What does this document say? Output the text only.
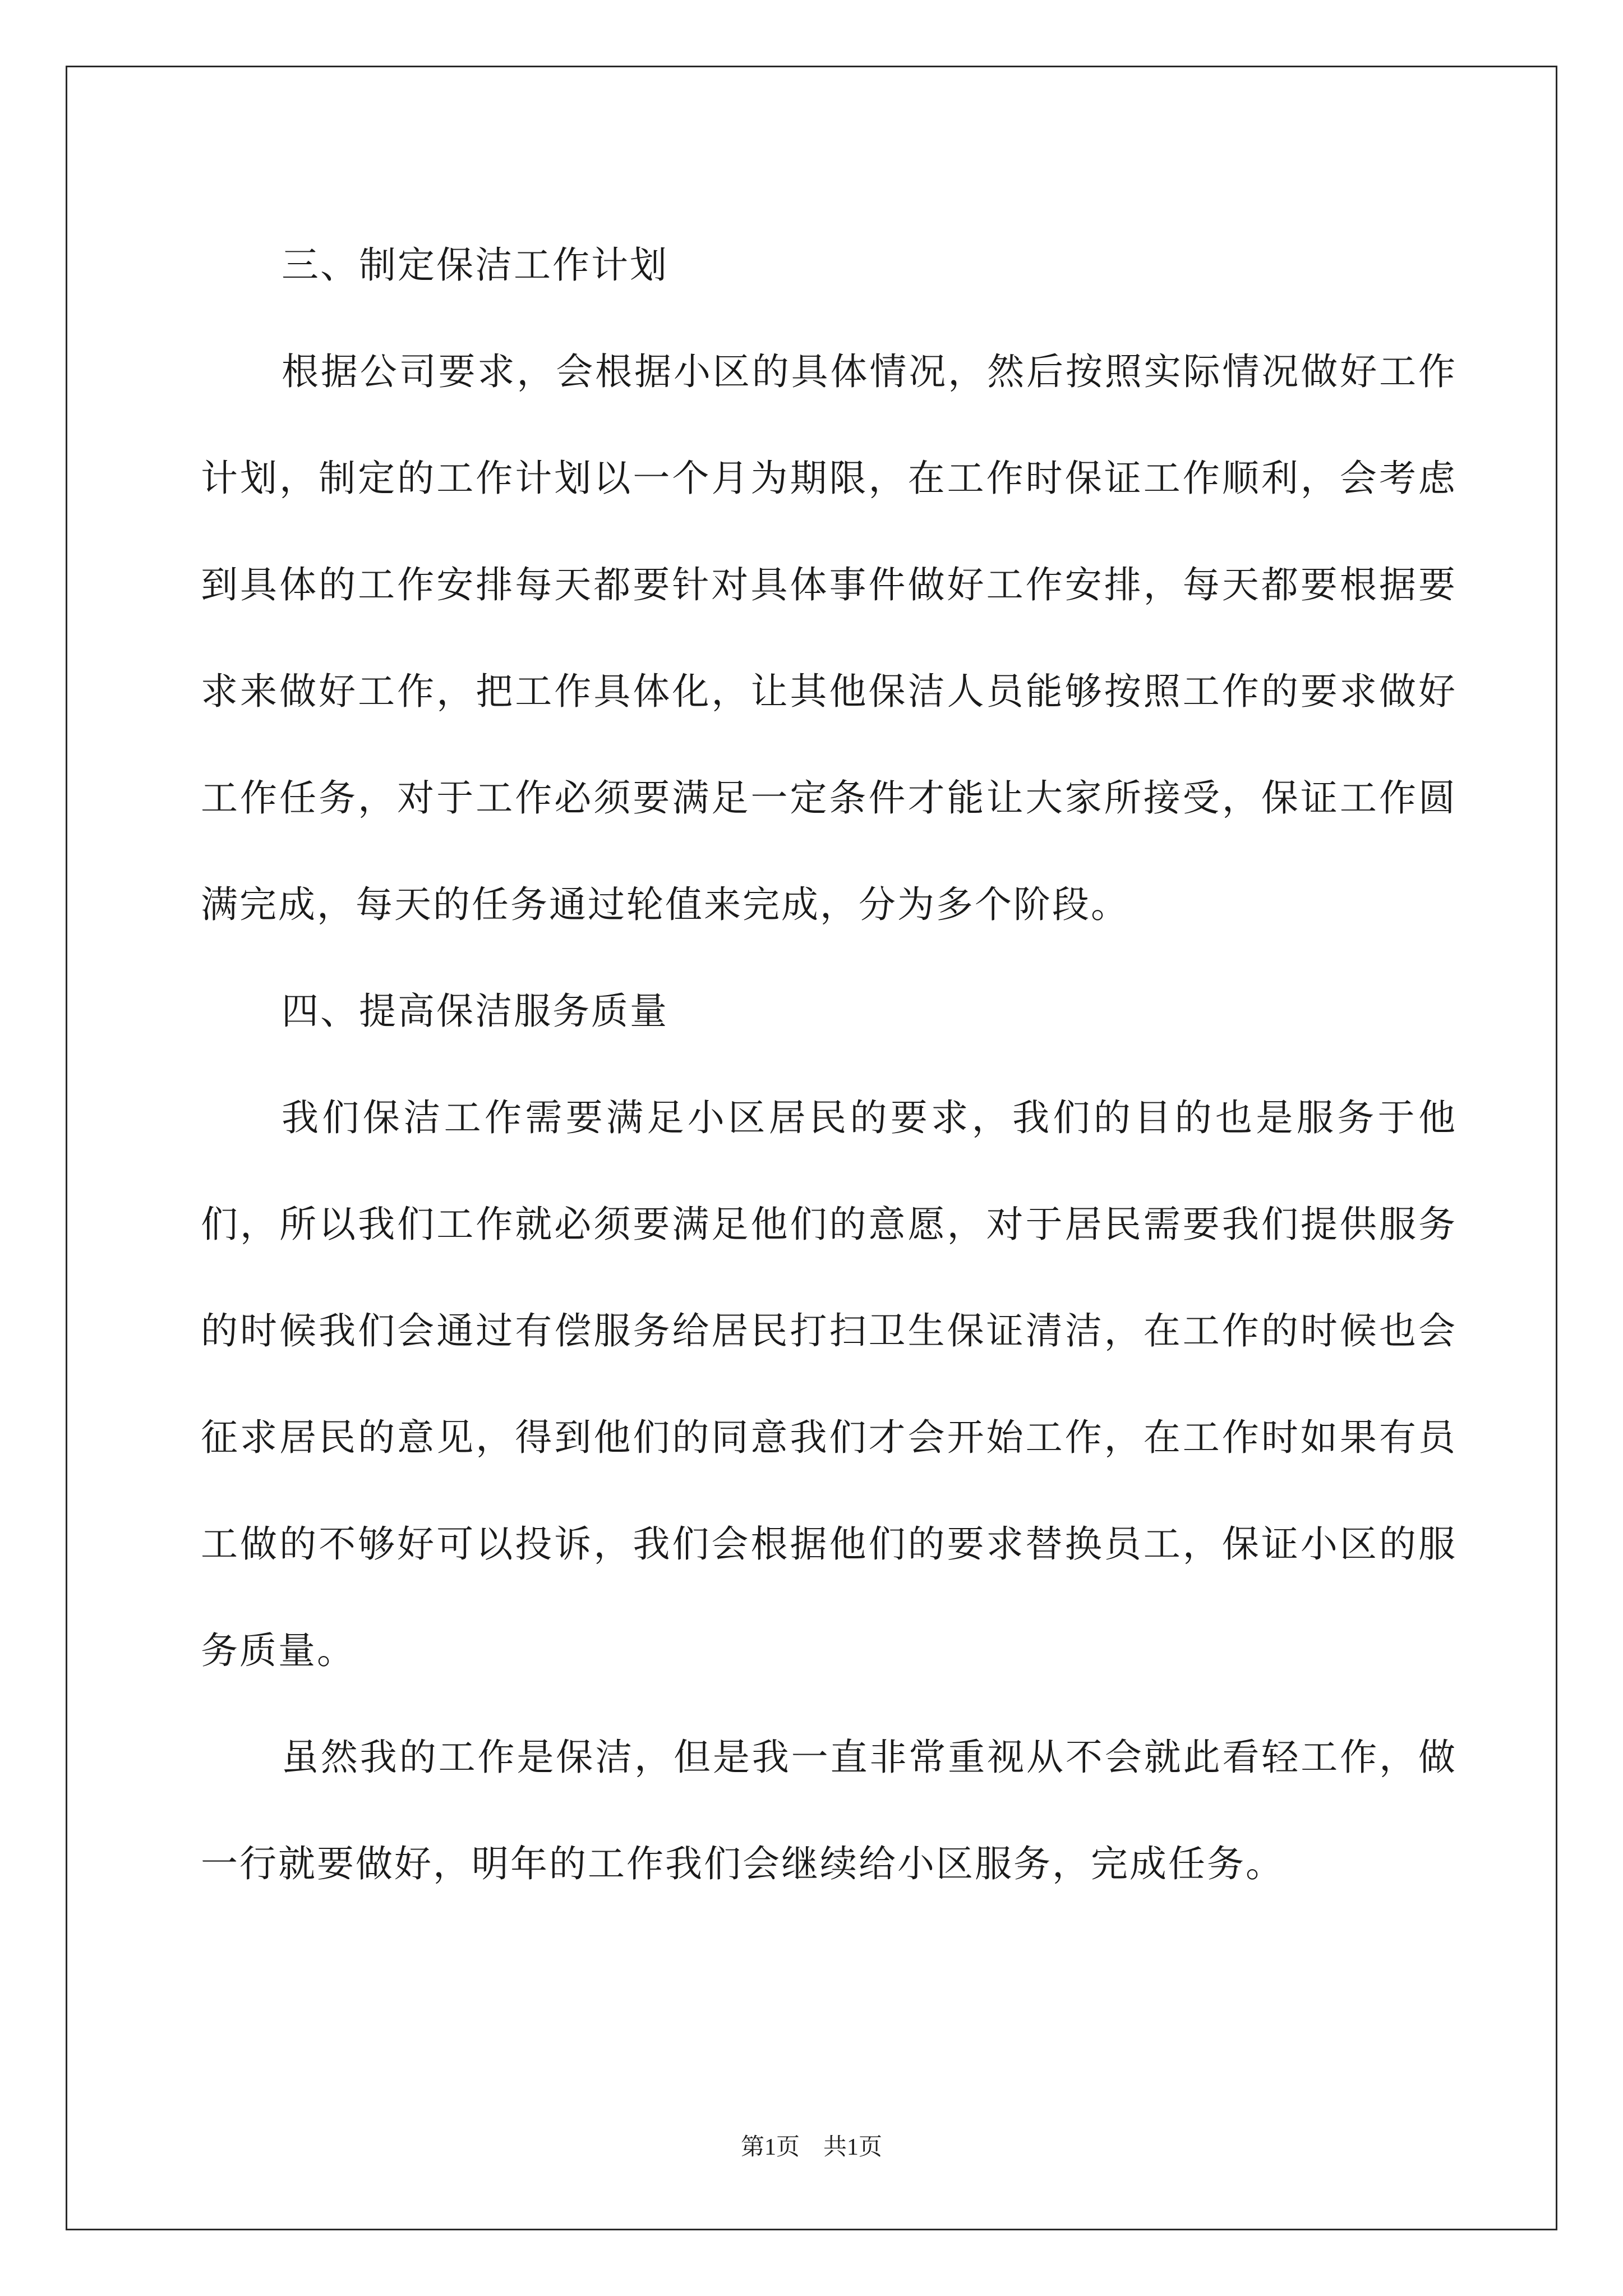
三、制定保洁工作计划

根据公司要求，会根据小区的具体情况，然后按照实际情况做好工作计划，制定的工作计划以一个月为期限，在工作时保证工作顺利，会考虑到具体的工作安排每天都要针对具体事件做好工作安排，每天都要根据要求来做好工作，把工作具体化，让其他保洁人员能够按照工作的要求做好工作任务，对于工作必须要满足一定条件才能让大家所接受，保证工作圆满完成，每天的任务通过轮值来完成，分为多个阶段。

四、提高保洁服务质量

我们保洁工作需要满足小区居民的要求，我们的目的也是服务于他们，所以我们工作就必须要满足他们的意愿，对于居民需要我们提供服务的时候我们会通过有偿服务给居民打扫卫生保证清洁，在工作的时候也会征求居民的意见，得到他们的同意我们才会开始工作，在工作时如果有员工做的不够好可以投诉，我们会根据他们的要求替换员工，保证小区的服务质量。

虽然我的工作是保洁，但是我一直非常重视从不会就此看轻工作，做一行就要做好，明年的工作我们会继续给小区服务，完成任务。

第1页　共1页
